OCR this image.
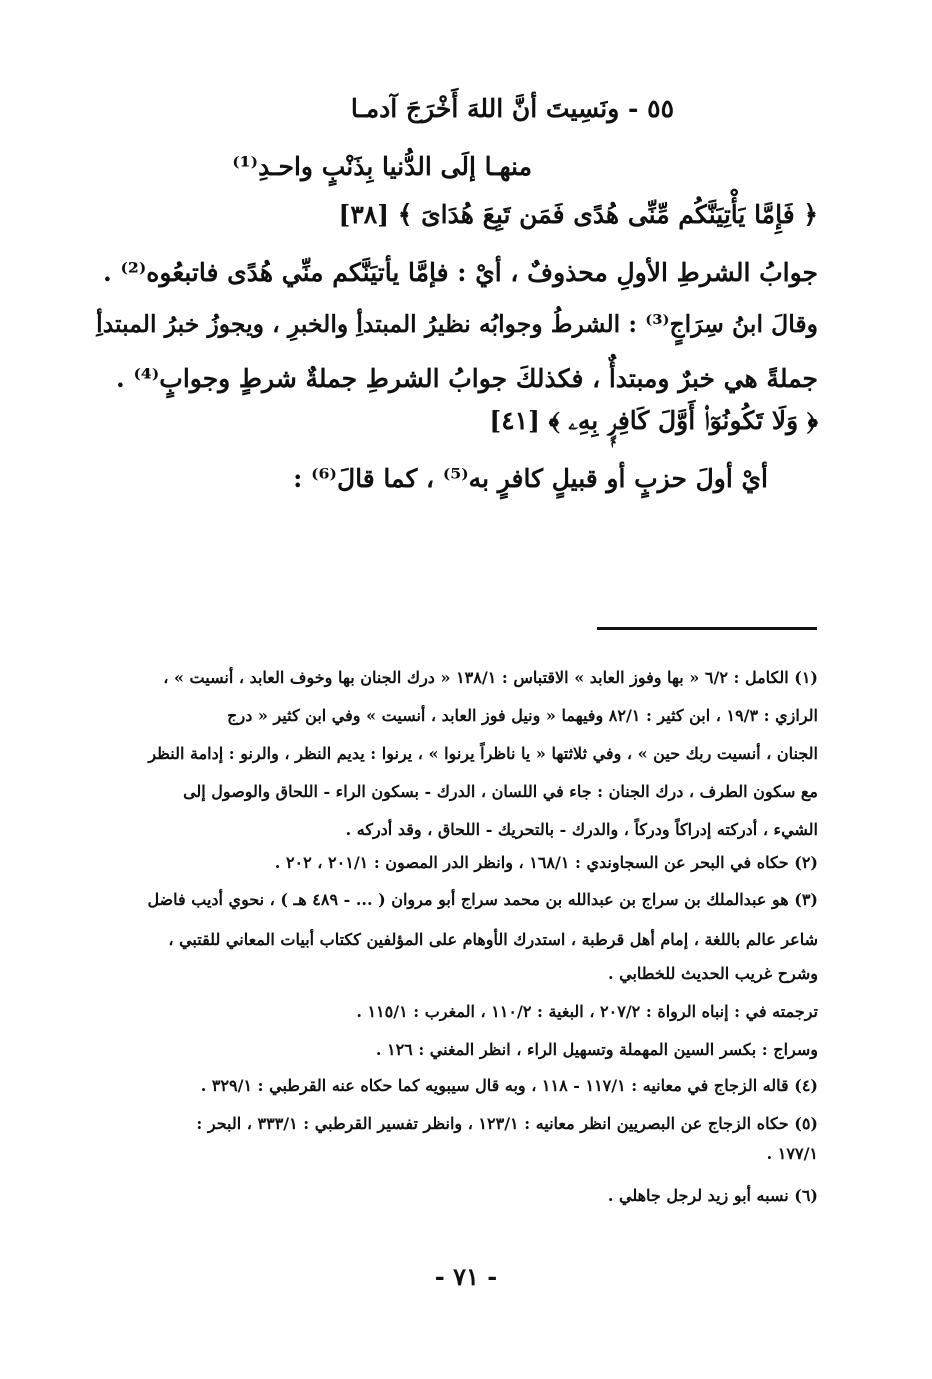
٥٥ - ونَسِيتَ أنَّ اللهَ أَخْرَجَ آدمـا
منهـا إلَى الدُّنيا بِذَنْبٍ واحـدِ⁽¹⁾
﴿ فَإِمَّا يَأْتِيَنَّكُم مِّنِّى هُدًى فَمَن تَبِعَ هُدَاىَ ﴾ [٣٨]
جوابُ الشرطِ الأولِ محذوفٌ ، أيْ : فإمَّا يأتيَنَّكم منِّي هُدًى فاتبعُوه⁽²⁾ .
وقالَ ابنُ سِرَاجٍ⁽³⁾ : الشرطُ وجوابُه نظيرُ المبتدأِ والخبرِ ، ويجوزُ خبرُ المبتدأِ
جملةً هي خبرٌ ومبتدأٌ ، فكذلكَ جوابُ الشرطِ جملةٌ شرطٍ وجوابٍ⁽⁴⁾ .
﴿ وَلَا تَكُونُوٓا۟ أَوَّلَ كَافِرٍۭ بِهِۦ ﴾ [٤١]
أيْ أولَ حزبٍ أو قبيلٍ كافرٍ به⁽⁵⁾ ، كما قالَ⁽⁶⁾ :
(١) الكامل : ٦/٢ « بها وفوز العابد » الاقتباس : ١٣٨/١ « درك الجنان بها وخوف العابد ، أنسيت » ،
الرازي : ١٩/٣ ، ابن كثير : ٨٢/١ وفيهما « ونيل فوز العابد ، أنسيت » وفي ابن كثير « درج
الجنان ، أنسيت ربك حين » ، وفي ثلاثتها « يا ناظراً يرنوا » ، يرنوا : يديم النظر ، والرنو : إدامة النظر
مع سكون الطرف ، درك الجنان : جاء في اللسان ، الدرك - بسكون الراء - اللحاق والوصول إلى
الشيء ، أدركته إدراكاً ودركاً ، والدرك - بالتحريك - اللحاق ، وقد أدركه .
(٢) حكاه في البحر عن السجاوندي : ١٦٨/١ ، وانظر الدر المصون : ٢٠١/١ ، ٢٠٢ .
(٣) هو عبدالملك بن سراج بن عبدالله بن محمد سراج أبو مروان ( ... - ٤٨٩ هـ ) ، نحوي أديب فاضل
شاعر عالم باللغة ، إمام أهل قرطبة ، استدرك الأوهام على المؤلفين ككتاب أبيات المعاني للقتبي ،
وشرح غريب الحديث للخطابي .
ترجمته في : إنباه الرواة : ٢٠٧/٢ ، البغية : ١١٠/٢ ، المغرب : ١١٥/١ .
وسراج : بكسر السين المهملة وتسهيل الراء ، انظر المغني : ١٢٦ .
(٤) قاله الزجاج في معانيه : ١١٧/١ - ١١٨ ، وبه قال سيبويه كما حكاه عنه القرطبي : ٣٢٩/١ .
(٥) حكاه الزجاج عن البصريين انظر معانيه : ١٢٣/١ ، وانظر تفسير القرطبي : ٣٣٣/١ ، البحر :
١٧٧/١ .
(٦) نسبه أبو زيد لرجل جاهلي .
- ٧١ -
